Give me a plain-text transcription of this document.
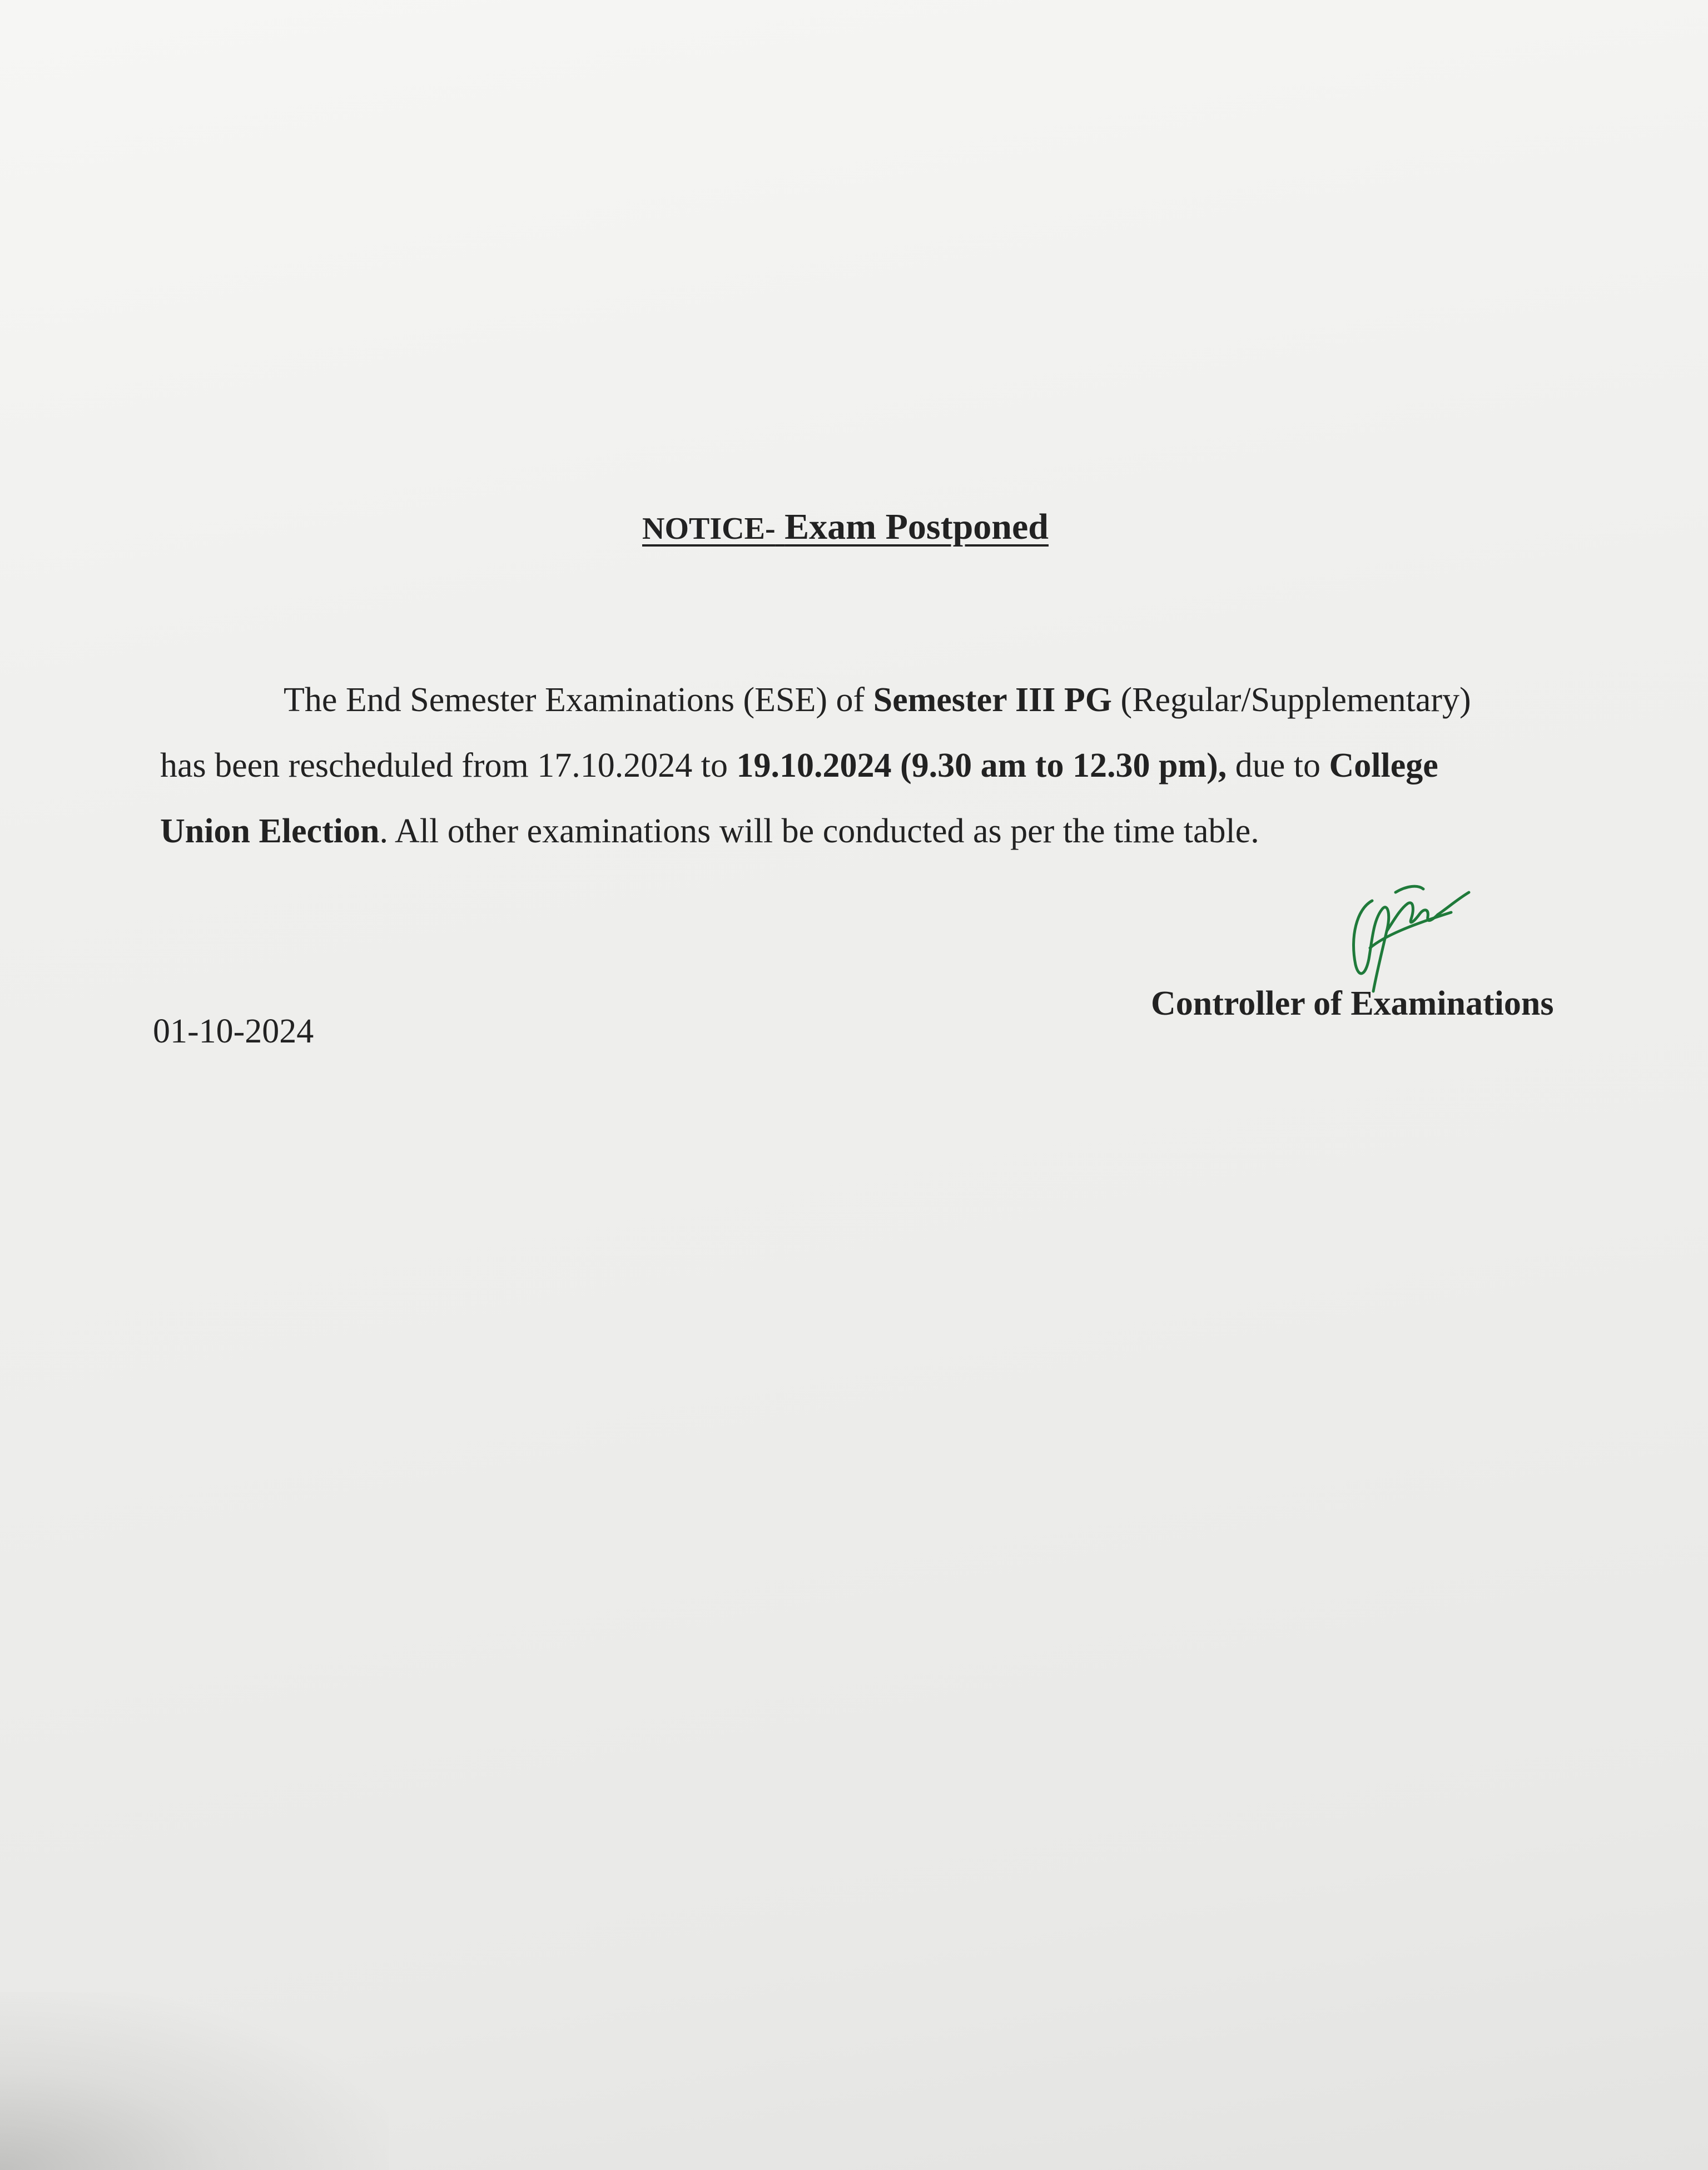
NOTICE- Exam Postponed
The End Semester Examinations (ESE) of Semester III PG (Regular/Supplementary)
has been rescheduled from 17.10.2024 to 19.10.2024 (9.30 am to 12.30 pm), due to College
Union Election. All other examinations will be conducted as per the time table.
01-10-2024
Controller of Examinations
